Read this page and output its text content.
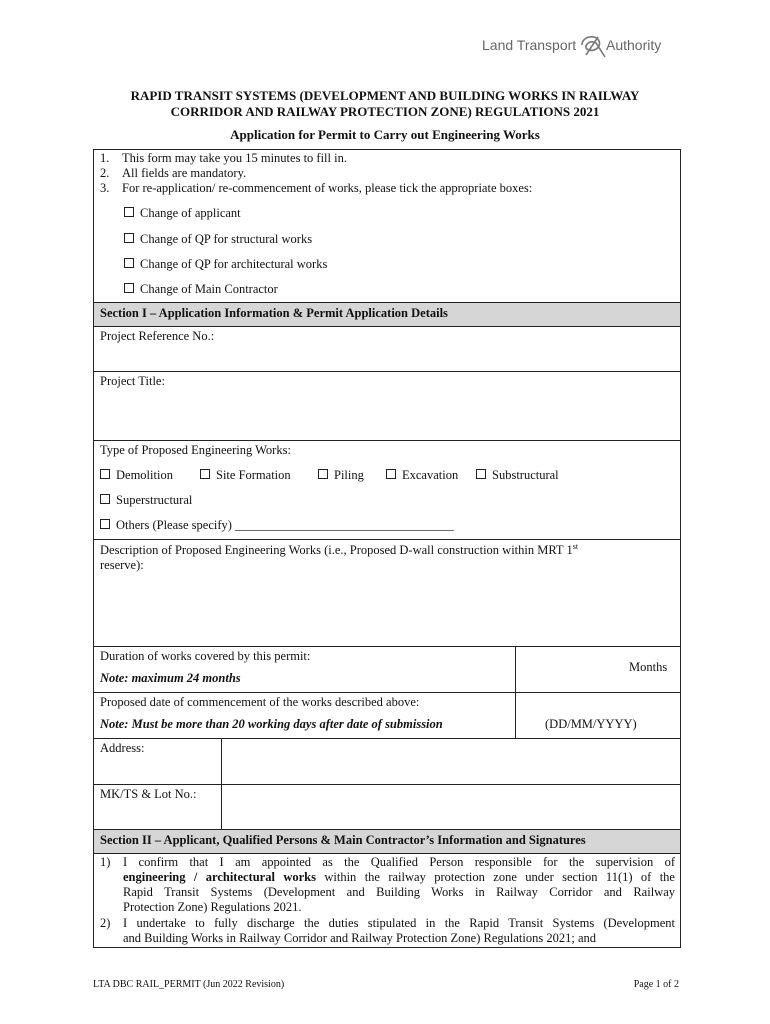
Land Transport Authority
RAPID TRANSIT SYSTEMS (DEVELOPMENT AND BUILDING WORKS IN RAILWAY
CORRIDOR AND RAILWAY PROTECTION ZONE) REGULATIONS 2021
Application for Permit to Carry out Engineering Works
1. This form may take you 15 minutes to fill in.
2. All fields are mandatory.
3. For re-application/ re-commencement of works, please tick the appropriate boxes:
Change of applicant
Change of QP for structural works
Change of QP for architectural works
Change of Main Contractor
Section I – Application Information & Permit Application Details
Project Reference No.:
Project Title:
Type of Proposed Engineering Works:
Demolition	Site Formation	Piling	Excavation	Substructural
Superstructural
Others (Please specify) ___________________________________
Description of Proposed Engineering Works (i.e., Proposed D-wall construction within MRT 1st
reserve):
Duration of works covered by this permit:
Note: maximum 24 months
Months
Proposed date of commencement of the works described above:
Note: Must be more than 20 working days after date of submission	(DD/MM/YYYY)
Address:
MK/TS & Lot No.:
Section II – Applicant, Qualified Persons & Main Contractor’s Information and Signatures
1) I confirm that I am appointed as the Qualified Person responsible for the supervision of
engineering / architectural works within the railway protection zone under section 11(1) of the
Rapid Transit Systems (Development and Building Works in Railway Corridor and Railway
Protection Zone) Regulations 2021.
2) I undertake to fully discharge the duties stipulated in the Rapid Transit Systems (Development
and Building Works in Railway Corridor and Railway Protection Zone) Regulations 2021; and
LTA DBC RAIL_PERMIT (Jun 2022 Revision)	Page 1 of 2
